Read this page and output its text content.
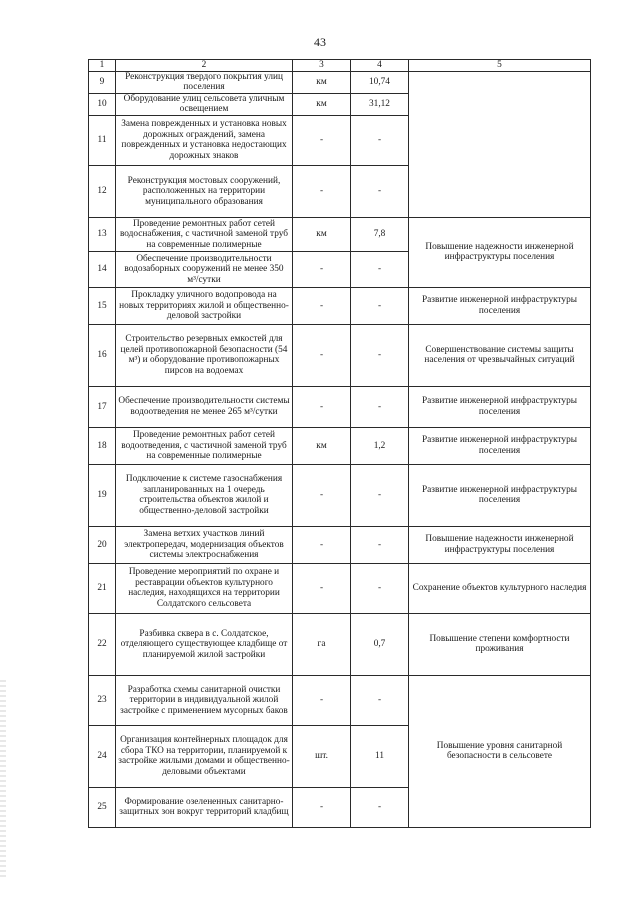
43
1	2	3	4	5
9	Реконструкция твердого покрытия улиц поселения	км	10,74	
10	Оборудование улиц сельсовета уличным освещением	км	31,12	
11	Замена поврежденных и установка новых дорожных ограждений, замена поврежденных и установка недостающих дорожных знаков	-	-	
12	Реконструкция мостовых сооружений, расположенных на территории муниципального образования	-	-	
13	Проведение ремонтных работ сетей водоснабжения, с частичной заменой труб на современные полимерные	км	7,8	Повышение надежности инженерной инфраструктуры поселения
14	Обеспечение производительности водозаборных сооружений не менее 350 м³/сутки	-	-	
15	Прокладку уличного водопровода на новых территориях жилой и общественно-деловой застройки	-	-	Развитие инженерной инфраструктуры поселения
16	Строительство резервных емкостей для целей противопожарной безопасности (54 м³) и оборудование противопожарных пирсов на водоемах	-	-	Совершенствование системы защиты населения от чрезвычайных ситуаций
17	Обеспечение производительности системы водоотведения не менее 265 м³/сутки	-	-	Развитие инженерной инфраструктуры поселения
18	Проведение ремонтных работ сетей водоотведения, с частичной заменой труб на современные полимерные	км	1,2	Развитие инженерной инфраструктуры поселения
19	Подключение к системе газоснабжения запланированных на 1 очередь строительства объектов жилой и общественно-деловой застройки	-	-	Развитие инженерной инфраструктуры поселения
20	Замена ветхих участков линий электропередач, модернизация объектов системы электроснабжения	-	-	Повышение надежности инженерной инфраструктуры поселения
21	Проведение мероприятий по охране и реставрации объектов культурного наследия, находящихся на территории Солдатского сельсовета	-	-	Сохранение объектов культурного наследия
22	Разбивка сквера в с. Солдатское, отделяющего существующее кладбище от планируемой жилой застройки	га	0,7	Повышение степени комфортности проживания
23	Разработка схемы санитарной очистки территории в индивидуальной жилой застройке с применением мусорных баков	-	-	Повышение уровня санитарной безопасности в сельсовете
24	Организация контейнерных площадок для сбора ТКО на территории, планируемой к застройке жилыми домами и общественно-деловыми объектами	шт.	11	
25	Формирование озелененных санитарно-защитных зон вокруг территорий кладбищ	-	-	
